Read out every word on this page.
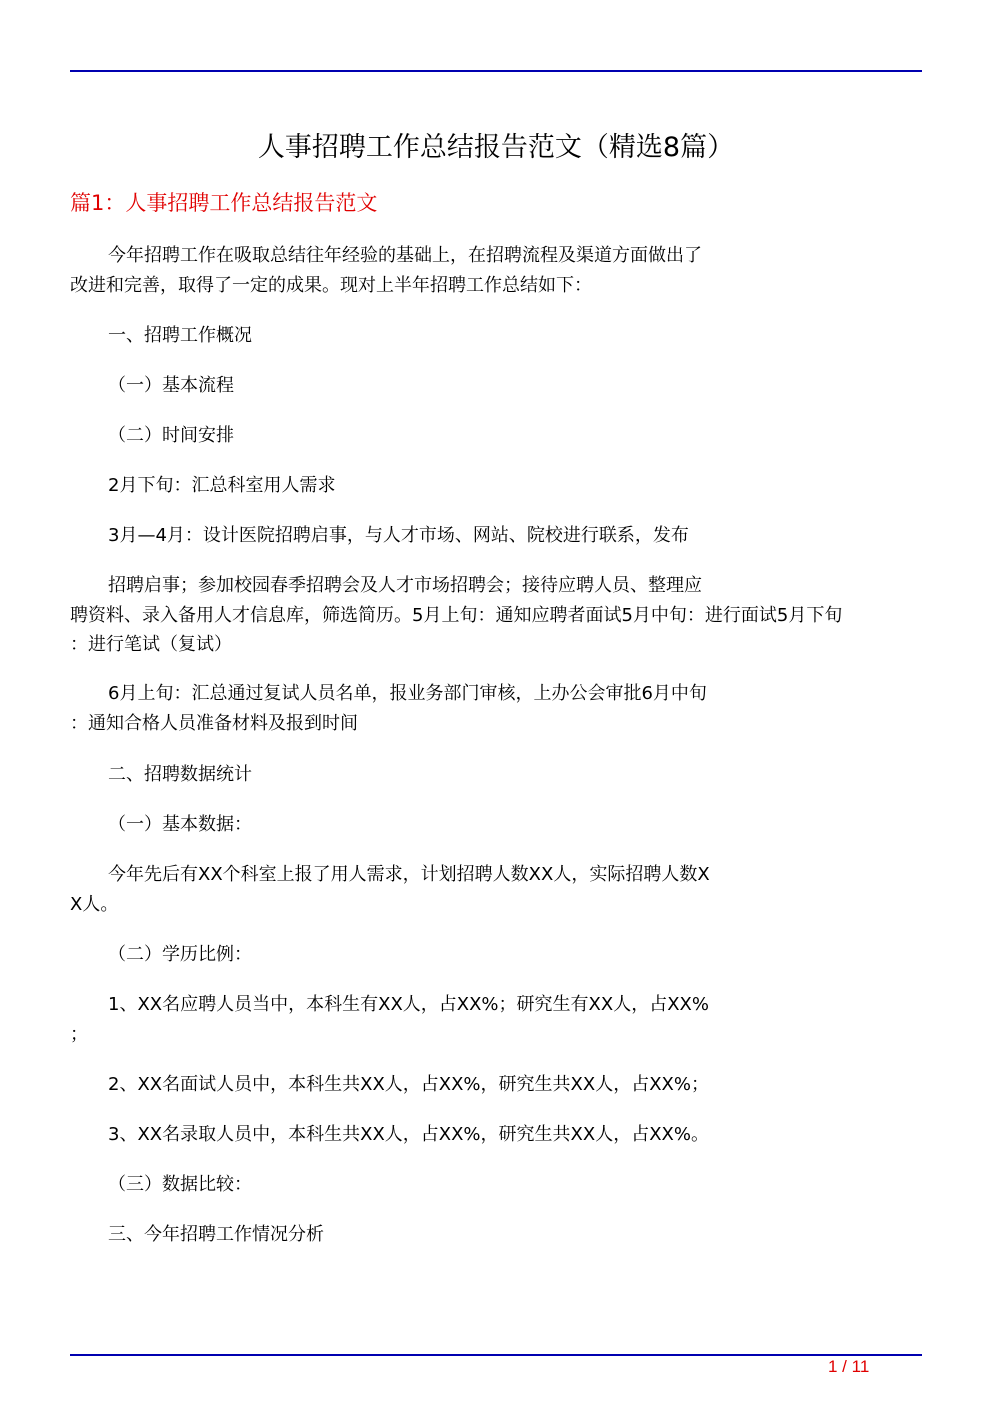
人事招聘工作总结报告范文（精选8篇）
篇1：人事招聘工作总结报告范文
今年招聘工作在吸取总结往年经验的基础上，在招聘流程及渠道方面做出了
改进和完善，取得了一定的成果。现对上半年招聘工作总结如下：
一、招聘工作概况
（一）基本流程
（二）时间安排
2月下旬：汇总科室用人需求
3月—4月：设计医院招聘启事，与人才市场、网站、院校进行联系，发布
招聘启事；参加校园春季招聘会及人才市场招聘会；接待应聘人员、整理应
聘资料、录入备用人才信息库，筛选简历。5月上旬：通知应聘者面试5月中旬：进行面试5月下旬
：进行笔试（复试）
6月上旬：汇总通过复试人员名单，报业务部门审核，上办公会审批6月中旬
：通知合格人员准备材料及报到时间
二、招聘数据统计
（一）基本数据：
今年先后有XX个科室上报了用人需求，计划招聘人数XX人，实际招聘人数X
X人。
（二）学历比例：
1、XX名应聘人员当中，本科生有XX人，占XX%；研究生有XX人，占XX%
；
2、XX名面试人员中，本科生共XX人，占XX%，研究生共XX人，占XX%；
3、XX名录取人员中，本科生共XX人，占XX%，研究生共XX人，占XX%。
（三）数据比较：
三、今年招聘工作情况分析
1 / 11
